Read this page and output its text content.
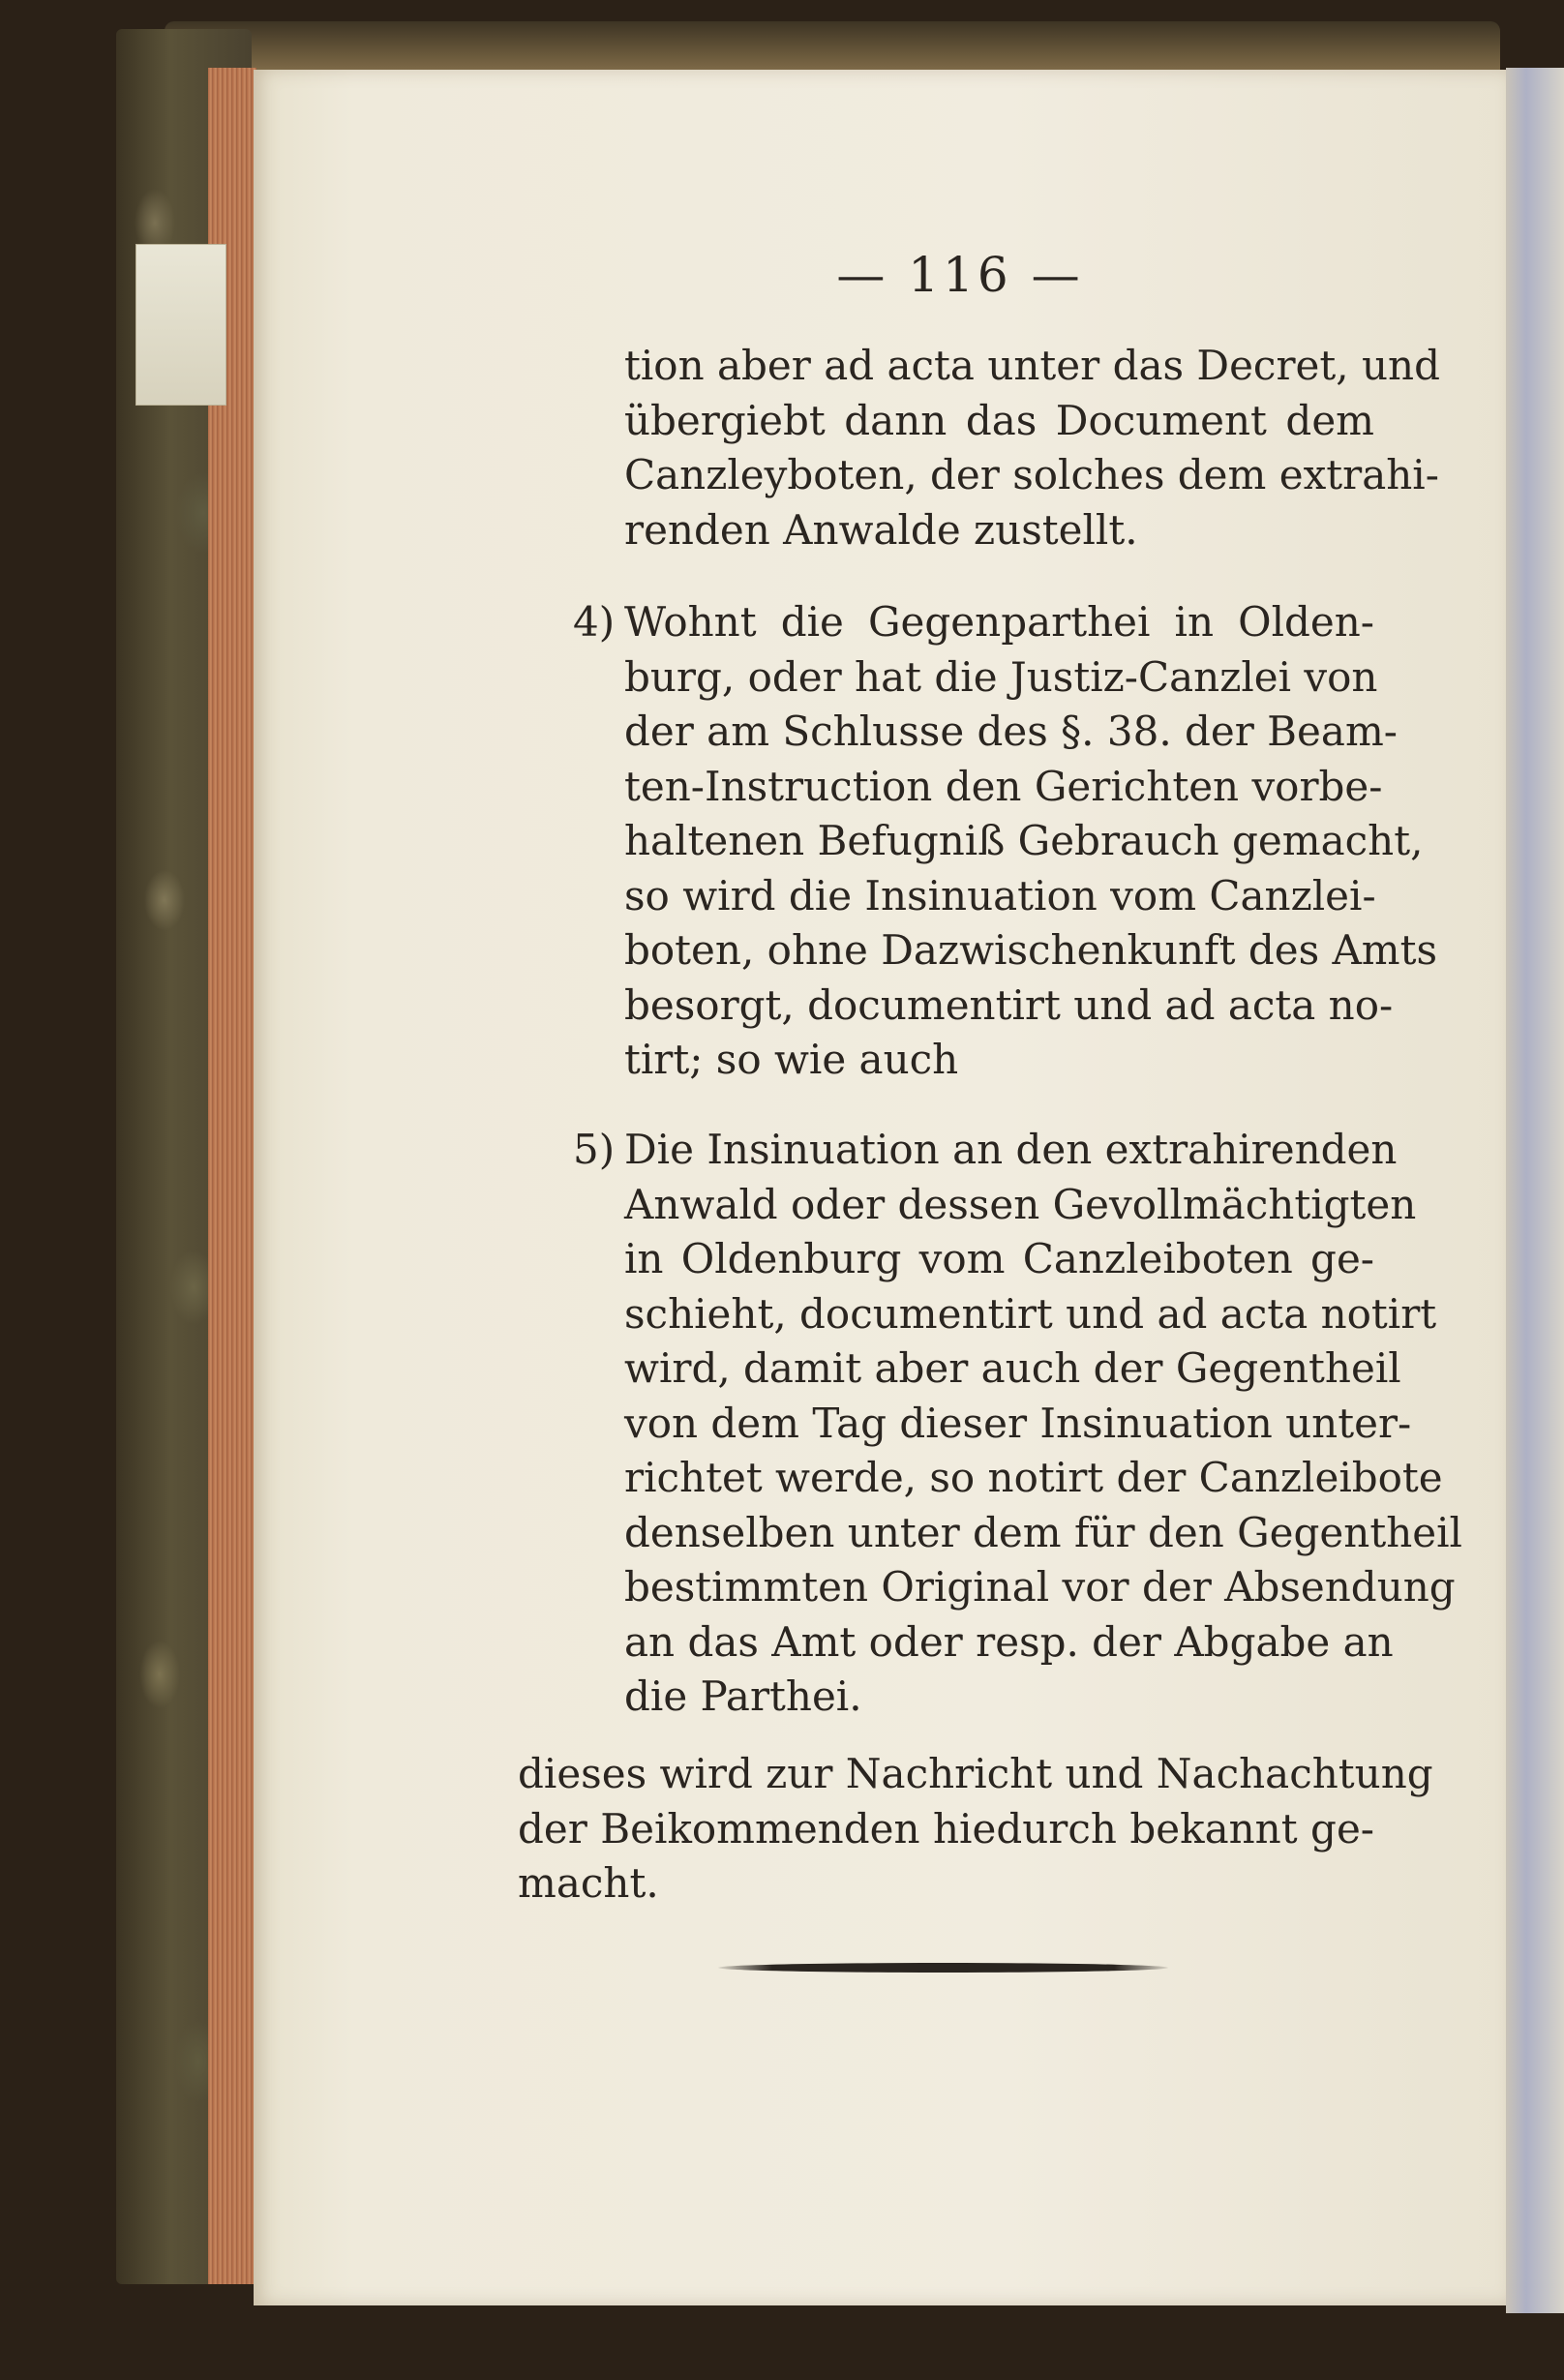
— 116 —
tion aber ad acta unter das Decret, und
übergiebt dann das Document dem
Canzleyboten, der solches dem extrahi-
renden Anwalde zustellt.
4) Wohnt die Gegenparthei in Olden-
burg, oder hat die Justiz-Canzlei von
der am Schlusse des §. 38. der Beam-
ten-Instruction den Gerichten vorbe-
haltenen Befugniß Gebrauch gemacht,
so wird die Insinuation vom Canzlei-
boten, ohne Dazwischenkunft des Amts
besorgt, documentirt und ad acta no-
tirt; so wie auch
5) Die Insinuation an den extrahirenden
Anwald oder dessen Gevollmächtigten
in Oldenburg vom Canzleiboten ge-
schieht, documentirt und ad acta notirt
wird, damit aber auch der Gegentheil
von dem Tag dieser Insinuation unter-
richtet werde, so notirt der Canzleibote
denselben unter dem für den Gegentheil
bestimmten Original vor der Absendung
an das Amt oder resp. der Abgabe an
die Parthei.
dieses wird zur Nachricht und Nachachtung
der Beikommenden hiedurch bekannt ge-
macht.
